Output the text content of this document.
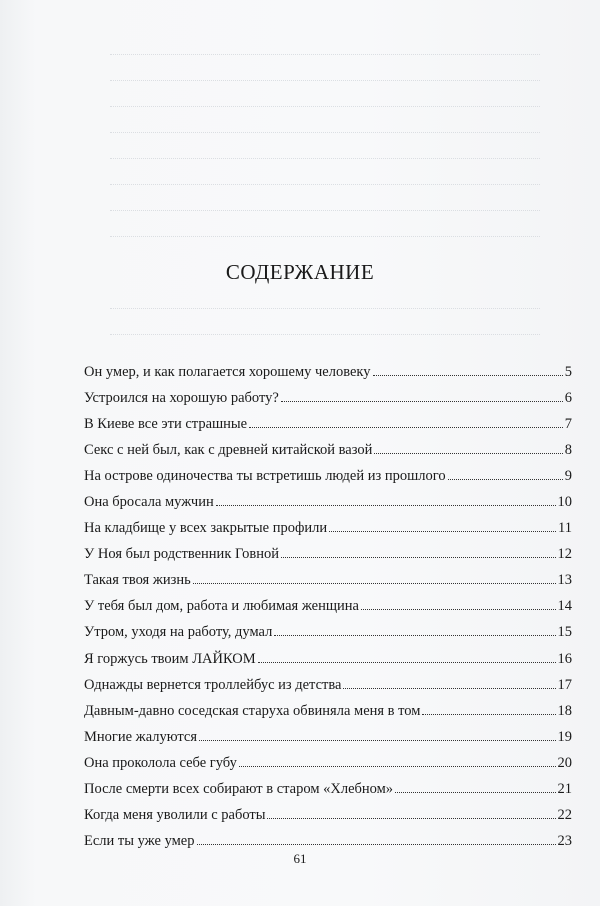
СОДЕРЖАНИЕ
Он умер, и как полагается хорошему человеку	5
Устроился на хорошую работу?	6
В Киеве все эти страшные	7
Секс с ней был, как с древней китайской вазой	8
На острове одиночества ты встретишь людей из прошлого	9
Она бросала мужчин	10
На кладбище у всех закрытые профили	11
У Ноя был родственник Говной	12
Такая твоя жизнь	13
У тебя был дом, работа и любимая женщина	14
Утром, уходя на работу, думал	15
Я горжусь твоим ЛАЙКОМ	16
Однажды вернется троллейбус из детства	17
Давным-давно соседская старуха обвиняла меня в том	18
Многие жалуются	19
Она проколола себе губу	20
После смерти всех собирают в старом «Хлебном»	21
Когда меня уволили с работы	22
Если ты уже умер	23
61
